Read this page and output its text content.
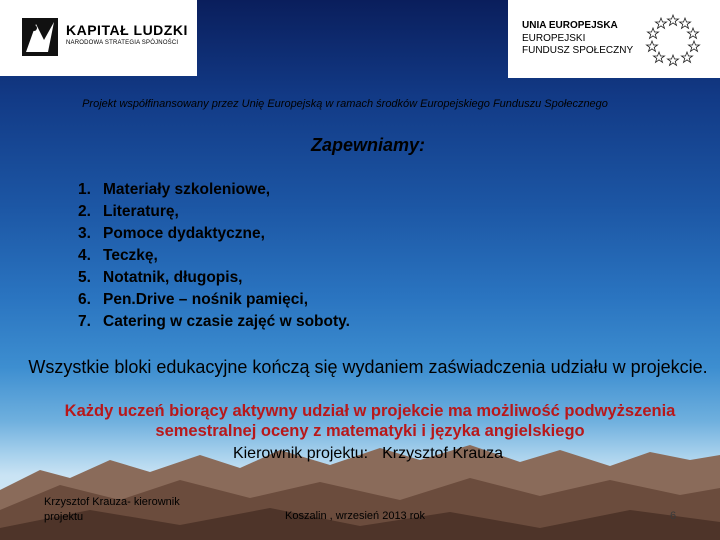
KAPITAŁ LUDZKI
NARODOWA STRATEGIA SPÓJNOŚCI
UNIA EUROPEJSKA
EUROPEJSKI
FUNDUSZ SPOŁECZNY
Projekt współfinansowany przez Unię Europejską w ramach środków Europejskiego Funduszu Społecznego
Zapewniamy:
1. Materiały szkoleniowe,
2. Literaturę,
3. Pomoce dydaktyczne,
4. Teczkę,
5. Notatnik, długopis,
6. Pen.Drive – nośnik pamięci,
7. Catering w czasie zajęć w soboty.
Wszystkie bloki edukacyjne kończą się wydaniem zaświadczenia udziału w projekcie.
Każdy uczeń biorący aktywny udział w projekcie ma możliwość podwyższenia semestralnej oceny z matematyki i języka angielskiego
Kierownik projektu: Krzysztof Krauza
Krzysztof Krauza- kierownik projektu	Koszalin , wrzesień 2013 rok	6
